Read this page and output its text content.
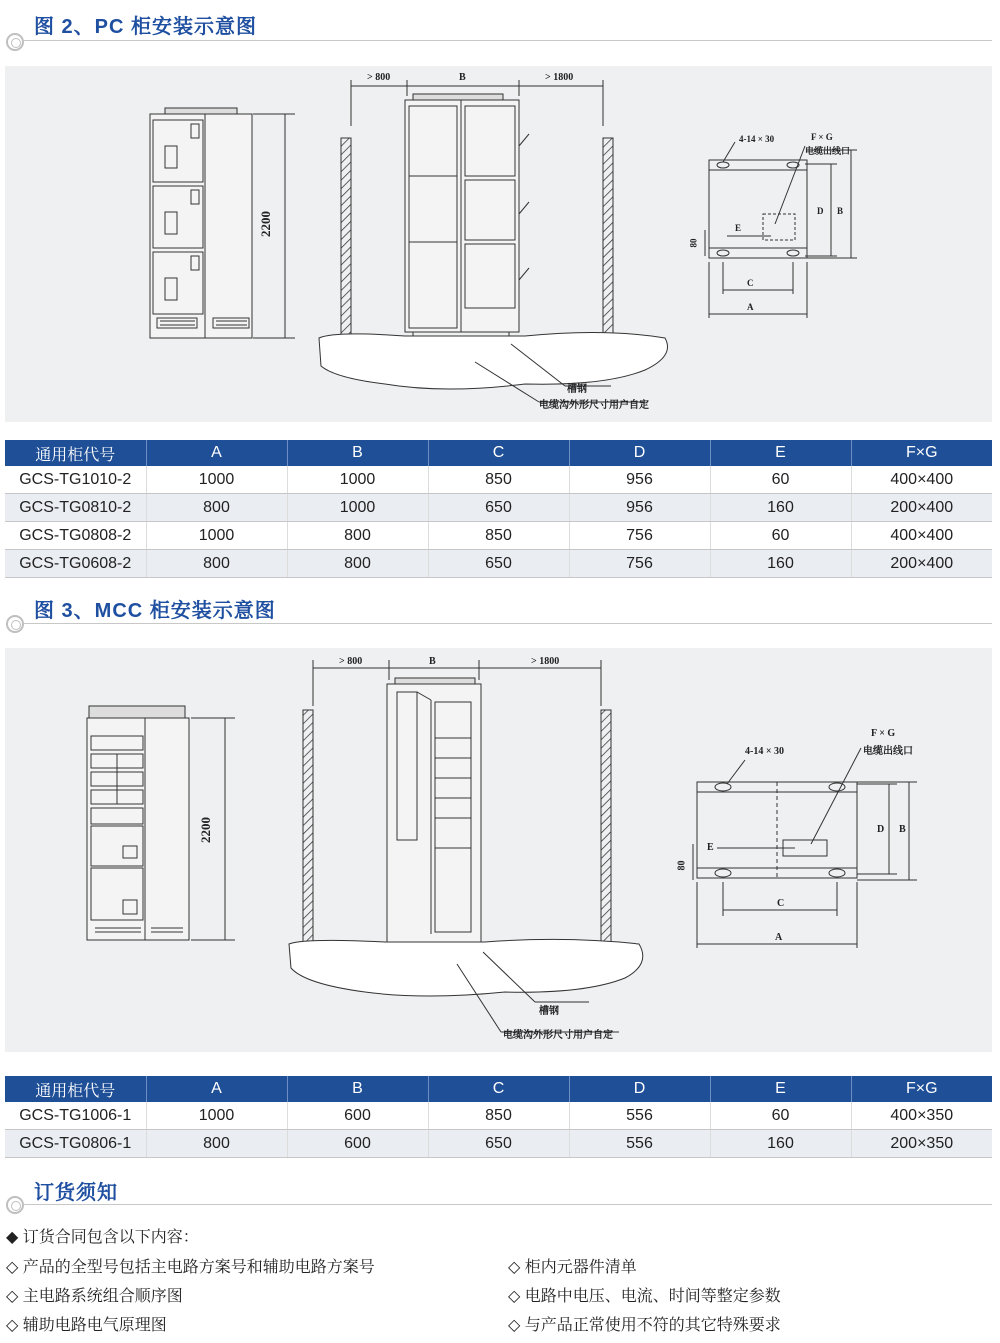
图 2、PC 柜安装示意图
> 800	B	> 1800
2200
槽钢
电缆沟外形尺寸用户自定
4-14 × 30	F × G
电缆出线口
A
C
D B
E
80
通用柜代号	A	B	C	D	E	F×G
GCS-TG1010-2	1000	1000	850	956	60	400×400
GCS-TG0810-2	800	1000	650	956	160	200×400
GCS-TG0808-2	1000	800	850	756	60	400×400
GCS-TG0608-2	800	800	650	756	160	200×400
图 3、MCC 柜安装示意图
> 800	B	> 1800
2200
槽钢
电缆沟外形尺寸用户自定
4-14 × 30
F × G
电缆出线口
A
C
D B
E
80
通用柜代号	A	B	C	D	E	F×G
GCS-TG1006-1	1000	600	850	556	60	400×350
GCS-TG0806-1	800	600	650	556	160	200×350
订货须知
◆ 订货合同包含以下内容：
◇ 产品的全型号包括主电路方案号和辅助电路方案号
◇ 主电路系统组合顺序图
◇ 辅助电路电气原理图
◇ 柜内元器件清单
◇ 电路中电压、电流、时间等整定参数
◇ 与产品正常使用不符的其它特殊要求
